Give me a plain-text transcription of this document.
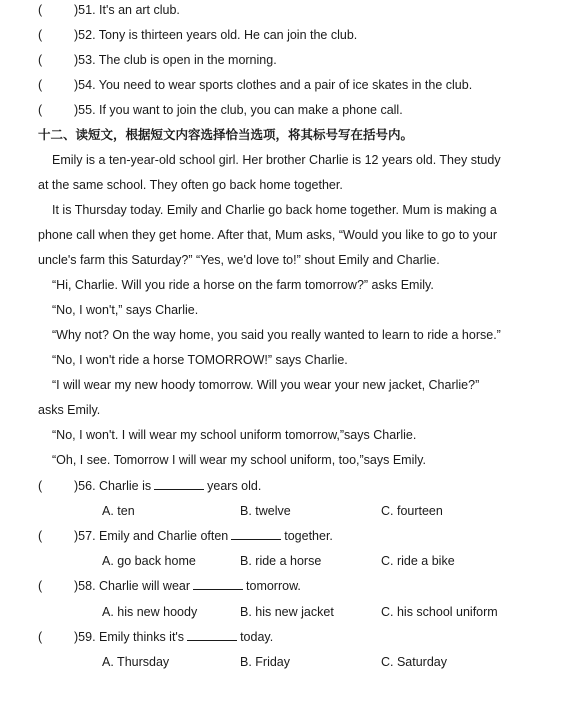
(	)51. It's an art club.
(	)52. Tony is thirteen years old. He can join the club.
(	)53. The club is open in the morning.
(	)54. You need to wear sports clothes and a pair of ice skates in the club.
(	)55. If you want to join the club, you can make a phone call.
十二、读短文，根据短文内容选择恰当选项，将其标号写在括号内。
Emily is a ten-year-old school girl. Her brother Charlie is 12 years old. They study
at the same school. They often go back home together.
It is Thursday today. Emily and Charlie go back home together. Mum is making a
phone call when they get home. After that, Mum asks, “Would you like to go to your
uncle's farm this Saturday?” “Yes, we'd love to!” shout Emily and Charlie.
“Hi, Charlie. Will you ride a horse on the farm tomorrow?” asks Emily.
“No, I won't,” says Charlie.
“Why not? On the way home, you said you really wanted to learn to ride a horse.”
“No, I won't ride a horse TOMORROW!” says Charlie.
“I will wear my new hoody tomorrow. Will you wear your new jacket, Charlie?”
asks Emily.
“No, I won't. I will wear my school uniform tomorrow,”says Charlie.
“Oh, I see. Tomorrow I will wear my school uniform, too,”says Emily.
(	)56. Charlie is	years old.
A. ten	B. twelve	C. fourteen
(	)57. Emily and Charlie often	together.
A. go back home	B. ride a horse	C. ride a bike
(	)58. Charlie will wear	tomorrow.
A. his new hoody	B. his new jacket	C. his school uniform
(	)59. Emily thinks it's	today.
A. Thursday	B. Friday	C. Saturday
